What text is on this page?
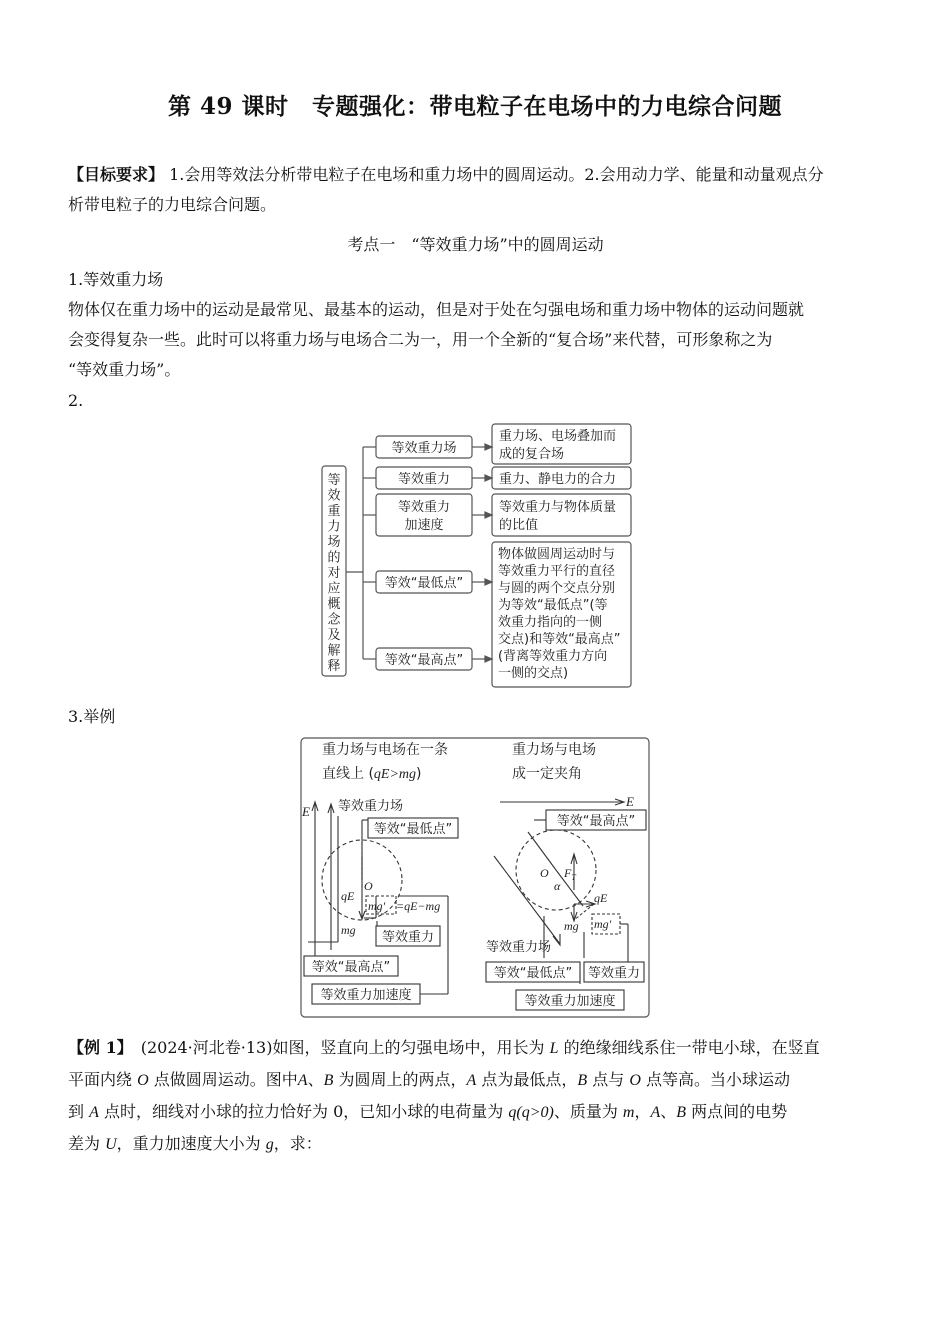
第 49 课时　专题强化：带电粒子在电场中的力电综合问题
【目标要求】 1.会用等效法分析带电粒子在电场和重力场中的圆周运动。2.会用动力学、能量和动量观点分
析带电粒子的力电综合问题。
考点一　“等效重力场”中的圆周运动
1.等效重力场
物体仅在重力场中的运动是最常见、最基本的运动，但是对于处在匀强电场和重力场中物体的运动问题就
会变得复杂一些。此时可以将重力场与电场合二为一，用一个全新的“复合场”来代替，可形象称之为
“等效重力场”。
2.
等
效
重
力
场
的
对
应
概
念
及
解
释
等效重力场
等效重力
等效重力
加速度
等效“最低点”
等效“最高点”
重力场、电场叠加而
成的复合场
重力、静电力的合力
等效重力与物体质量
的比值
物体做圆周运动时与
等效重力平行的直径
与圆的两个交点分别
为等效“最低点”(等
效重力指向的一侧
交点)和等效“最高点”
(背离等效重力方向
一侧的交点)
3.举例
重力场与电场在一条
直线上 (qE>mg)
重力场与电场
成一定夹角
E 等效重力场
等效“最低点”
O
qE
mg′ =qE−mg
mg 等效重力
等效“最高点”
等效重力加速度
E
等效“最高点”
O $F_T$
α
qE
mg mg′
等效重力场
等效“最低点” 等效重力
等效重力加速度
【例 1】　(2024·河北卷·13)如图，竖直向上的匀强电场中，用长为 L 的绝缘细线系住一带电小球，在竖直
平面内绕 O 点做圆周运动。图中A、B 为圆周上的两点，A 点为最低点，B 点与 O 点等高。当小球运动
到 A 点时，细线对小球的拉力恰好为 0，已知小球的电荷量为 q(q>0)、质量为 m，A、B 两点间的电势
差为 U，重力加速度大小为 g，求：
